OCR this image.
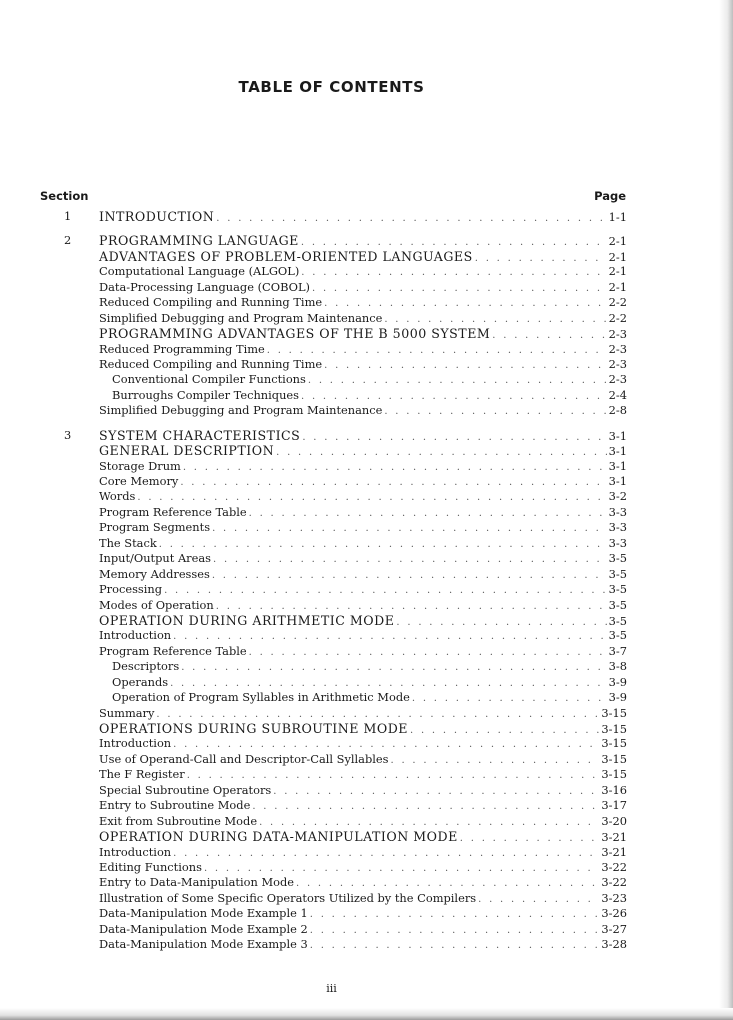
TABLE OF CONTENTS
Section	Page
1	INTRODUCTION . . .	1-1
2	PROGRAMMING LANGUAGE . . .	2-1
ADVANTAGES OF PROBLEM-ORIENTED LANGUAGES . . .	2-1
Computational Language (ALGOL) . . .	2-1
Data-Processing Language (COBOL) . . .	2-1
Reduced Compiling and Running Time . . .	2-2
Simplified Debugging and Program Maintenance . . .	2-2
PROGRAMMING ADVANTAGES OF THE B 5000 SYSTEM . . .	2-3
Reduced Programming Time . . .	2-3
Reduced Compiling and Running Time . . .	2-3
Conventional Compiler Functions . . .	2-3
Burroughs Compiler Techniques . . .	2-4
Simplified Debugging and Program Maintenance . . .	2-8
3	SYSTEM CHARACTERISTICS . . .	3-1
GENERAL DESCRIPTION . . .	3-1
Storage Drum . . .	3-1
Core Memory . . .	3-1
Words . . .	3-2
Program Reference Table . . .	3-3
Program Segments . . .	3-3
The Stack . . .	3-3
Input/Output Areas . . .	3-5
Memory Addresses . . .	3-5
Processing . . .	3-5
Modes of Operation . . .	3-5
OPERATION DURING ARITHMETIC MODE . . .	3-5
Introduction . . .	3-5
Program Reference Table . . .	3-7
Descriptors . . .	3-8
Operands . . .	3-9
Operation of Program Syllables in Arithmetic Mode . . .	3-9
Summary . . .	3-15
OPERATIONS DURING SUBROUTINE MODE . . .	3-15
Introduction . . .	3-15
Use of Operand-Call and Descriptor-Call Syllables . . .	3-15
The F Register . . .	3-15
Special Subroutine Operators . . .	3-16
Entry to Subroutine Mode . . .	3-17
Exit from Subroutine Mode . . .	3-20
OPERATION DURING DATA-MANIPULATION MODE . . .	3-21
Introduction . . .	3-21
Editing Functions . . .	3-22
Entry to Data-Manipulation Mode . . .	3-22
Illustration of Some Specific Operators Utilized by the Compilers . . .	3-23
Data-Manipulation Mode Example 1 . . .	3-26
Data-Manipulation Mode Example 2 . . .	3-27
Data-Manipulation Mode Example 3 . . .	3-28
iii
